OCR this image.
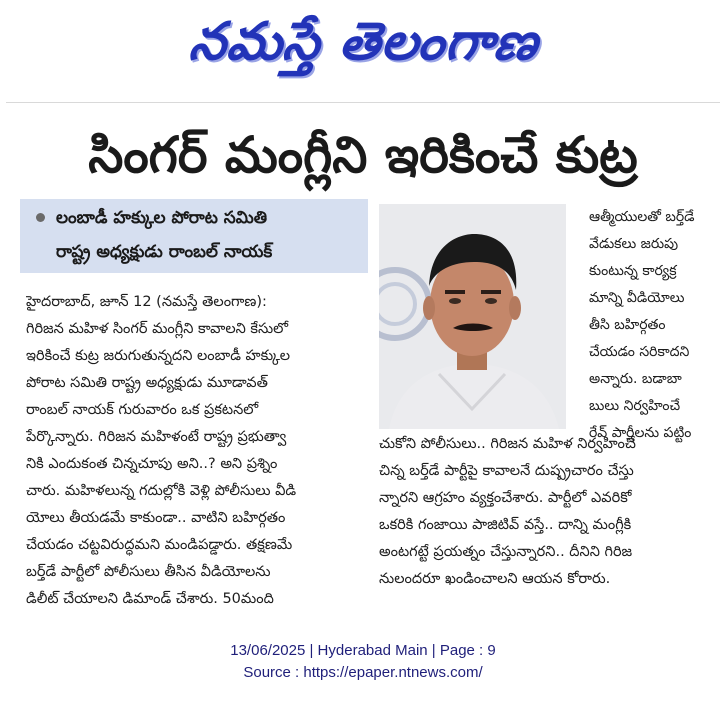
నమస్తే తెలంగాణ
సింగర్ మంగ్లీని ఇరికించే కుట్ర
లంబాడీ హక్కుల పోరాట సమితి
రాష్ట్ర అధ్యక్షుడు రాంబల్ నాయక్
హైదరాబాద్, జూన్ 12 (నమస్తే తెలంగాణ):
గిరిజన మహిళ సింగర్ మంగ్లీని కావాలని కేసులో
ఇరికించే కుట్ర జరుగుతున్నదని లంబాడీ హక్కుల
పోరాట సమితి రాష్ట్ర అధ్యక్షుడు మూడావత్
రాంబల్ నాయక్ గురువారం ఒక ప్రకటనలో
పేర్కొన్నారు. గిరిజన మహిళంటే రాష్ట్ర ప్రభుత్వా
నికి ఎందుకంత చిన్నచూపు అని..? అని ప్రశ్నిం
చారు. మహిళలున్న గదుల్లోకి వెళ్లి పోలీసులు వీడి
యోలు తీయడమే కాకుండా.. వాటిని బహిర్గతం
చేయడం చట్టవిరుద్ధమని మండిపడ్డారు. తక్షణమే
బర్త్‌డే పార్టీలో పోలీసులు తీసిన వీడియోలను
డిలీట్ చేయాలని డిమాండ్ చేశారు. 50మంది
ఆత్మీయులతో బర్త్‌డే
వేడుకలు జరుపు
కుంటున్న కార్యక్ర
మాన్ని వీడియోలు
తీసి బహిర్గతం
చేయడం సరికాదని
అన్నారు. బడాబా
బులు నిర్వహించే
రేవ్ పార్టీలను పట్టిం
చుకోని పోలీసులు.. గిరిజన మహిళ నిర్వహించే
చిన్న బర్త్‌డే పార్టీపై కావాలనే దుష్ప్రచారం చేస్తు
న్నారని ఆగ్రహం వ్యక్తంచేశారు. పార్టీలో ఎవరికో
ఒకరికి గంజాయి పాజిటివ్ వస్తే.. దాన్ని మంగ్లీకి
అంటగట్టే ప్రయత్నం చేస్తున్నారని.. దీనిని గిరిజ
నులందరూ ఖండించాలని ఆయన కోరారు.
13/06/2025 | Hyderabad Main | Page : 9
Source : https://epaper.ntnews.com/
